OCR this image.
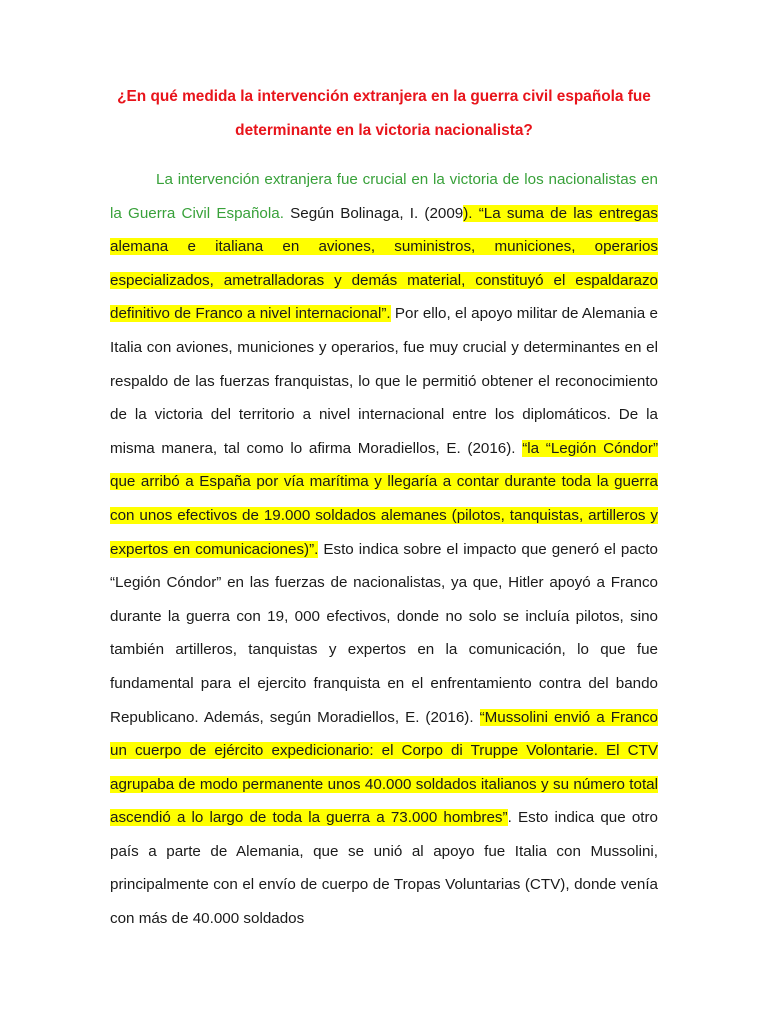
¿En qué medida la intervención extranjera en la guerra civil española fue determinante en la victoria nacionalista?

La intervención extranjera fue crucial en la victoria de los nacionalistas en la Guerra Civil Española. Según Bolinaga, I. (2009). “La suma de las entregas alemana e italiana en aviones, suministros, municiones, operarios especializados, ametralladoras y demás material, constituyó el espaldarazo definitivo de Franco a nivel internacional”. Por ello, el apoyo militar de Alemania e Italia con aviones, municiones y operarios, fue muy crucial y determinantes en el respaldo de las fuerzas franquistas, lo que le permitió obtener el reconocimiento de la victoria del territorio a nivel internacional entre los diplomáticos. De la misma manera, tal como lo afirma Moradiellos, E. (2016). “la “Legión Cóndor” que arribó a España por vía marítima y llegaría a contar durante toda la guerra con unos efectivos de 19.000 soldados alemanes (pilotos, tanquistas, artilleros y expertos en comunicaciones)”. Esto indica sobre el impacto que generó el pacto “Legión Cóndor” en las fuerzas de nacionalistas, ya que, Hitler apoyó a Franco durante la guerra con 19, 000 efectivos, donde no solo se incluía pilotos, sino también artilleros, tanquistas y expertos en la comunicación, lo que fue fundamental para el ejercito franquista en el enfrentamiento contra del bando Republicano. Además, según Moradiellos, E. (2016). “Mussolini envió a Franco un cuerpo de ejército expedicionario: el Corpo di Truppe Volontarie. El CTV agrupaba de modo permanente unos 40.000 soldados italianos y su número total ascendió a lo largo de toda la guerra a 73.000 hombres”. Esto indica que otro país a parte de Alemania, que se unió al apoyo fue Italia con Mussolini, principalmente con el envío de cuerpo de Tropas Voluntarias (CTV), donde venía con más de 40.000 soldados
